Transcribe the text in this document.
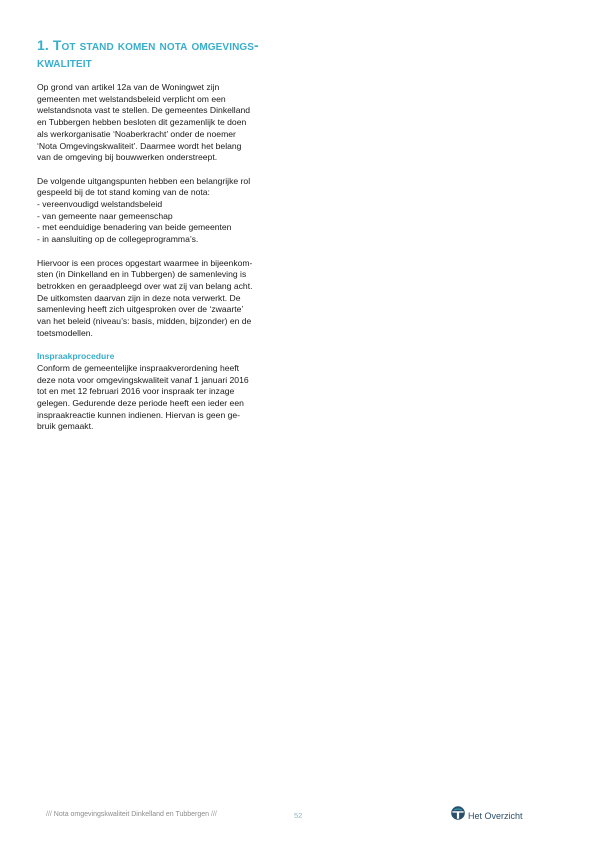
1. Tot stand komen nota omgevings-
kwaliteit

Op grond van artikel 12a van de Woningwet zijn
gemeenten met welstandsbeleid verplicht om een
welstandsnota vast te stellen. De gemeentes Dinkelland
en Tubbergen hebben besloten dit gezamenlijk te doen
als werkorganisatie ‘Noaberkracht’ onder de noemer
‘Nota Omgevingskwaliteit’. Daarmee wordt het belang
van de omgeving bij bouwwerken onderstreept.

De volgende uitgangspunten hebben een belangrijke rol
gespeeld bij de tot stand koming van de nota:
- vereenvoudigd welstandsbeleid
- van gemeente naar gemeenschap
- met eenduidige benadering van beide gemeenten
- in aansluiting op de collegeprogramma’s.

Hiervoor is een proces opgestart waarmee in bijeenkom-
sten (in Dinkelland en in Tubbergen) de samenleving is
betrokken en geraadpleegd over wat zij van belang acht.
De uitkomsten daarvan zijn in deze nota verwerkt. De
samenleving heeft zich uitgesproken over de ‘zwaarte’
van het beleid (niveau’s: basis, midden, bijzonder) en de
toetsmodellen.

Inspraakprocedure
Conform de gemeentelijke inspraakverordening heeft
deze nota voor omgevingskwaliteit vanaf 1 januari 2016
tot en met 12 februari 2016 voor inspraak ter inzage
gelegen. Gedurende deze periode heeft een ieder een
inspraakreactie kunnen indienen. Hiervan is geen ge-
bruik gemaakt.

/// Nota omgevingskwaliteit Dinkelland en Tubbergen ///	52	Het Overzicht
